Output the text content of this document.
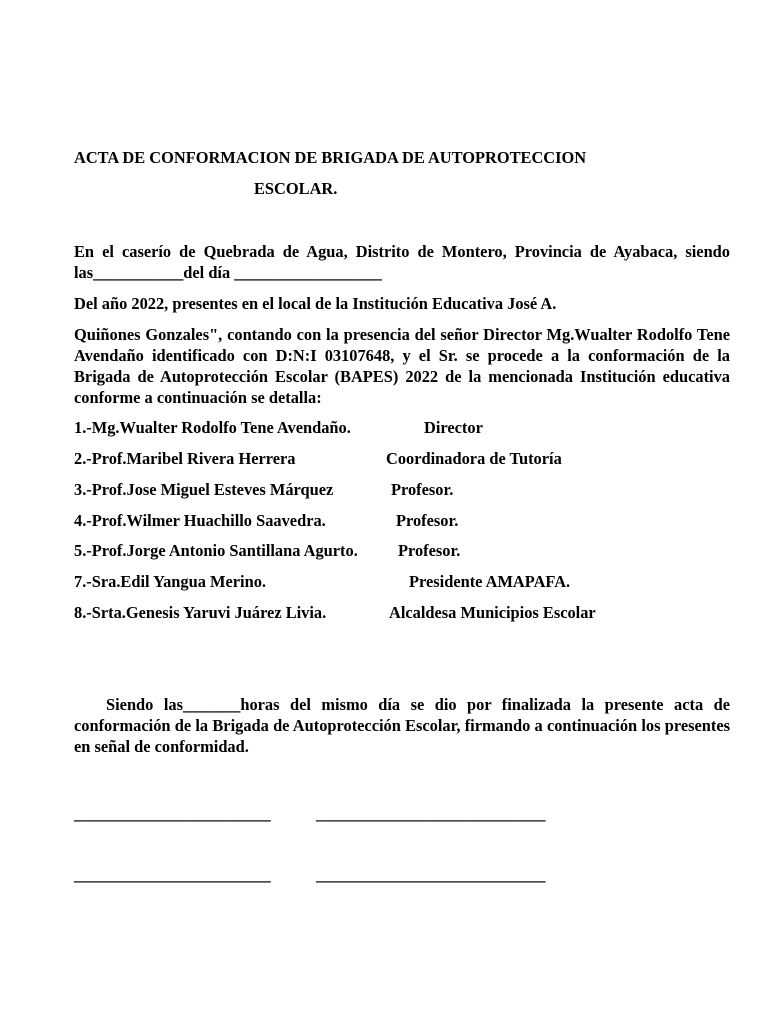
ACTA DE CONFORMACION DE BRIGADA DE AUTOPROTECCION
ESCOLAR.
En el caserío de Quebrada de Agua, Distrito de Montero, Provincia de Ayabaca, siendo las___________del día __________________
Del año 2022, presentes en el local de la Institución Educativa José A.
Quiñones Gonzales", contando con la presencia del señor Director Mg.Wualter Rodolfo Tene Avendaño identificado con D:N:I 03107648, y el Sr. se procede a la conformación de la Brigada de Autoprotección Escolar (BAPES) 2022 de la mencionada Institución educativa conforme a continuación se detalla:
1.-Mg.Wualter Rodolfo Tene Avendaño.	Director
2.-Prof.Maribel Rivera Herrera	Coordinadora de Tutoría
3.-Prof.Jose Miguel Esteves Márquez	Profesor.
4.-Prof.Wilmer Huachillo Saavedra.	Profesor.
5.-Prof.Jorge Antonio Santillana Agurto. Profesor.
7.-Sra.Edil Yangua Merino.	Presidente AMAPAFA.
8.-Srta.Genesis Yaruvi Juárez Livia.	Alcaldesa Municipios Escolar
Siendo las_______horas del mismo día se dio por finalizada la presente acta de conformación de la Brigada de Autoprotección Escolar, firmando a continuación los presentes en señal de conformidad.
________________________	____________________________
________________________	____________________________
